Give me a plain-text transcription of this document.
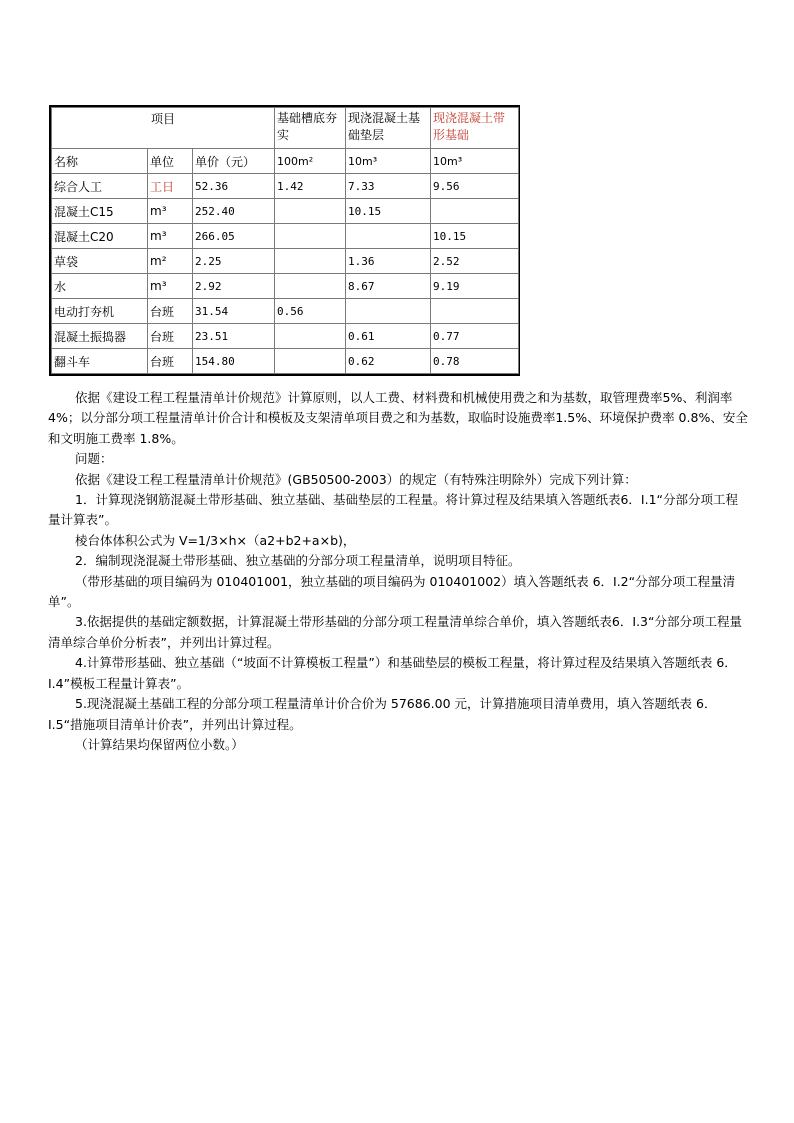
项目			基础槽底夯实	现浇混凝土基础垫层	现浇混凝土带形基础
名称	单位	单价（元）	100m²	10m³	10m³
综合人工	工日	52.36	1.42	7.33	9.56
混凝土C15	m³	252.40		10.15	
混凝土C20	m³	266.05			10.15
草袋	m²	2.25		1.36	2.52
水	m³	2.92		8.67	9.19
电动打夯机	台班	31.54	0.56		
混凝土振捣器	台班	23.51		0.61	0.77
翻斗车	台班	154.80		0.62	0.78

依据《建设工程工程量清单计价规范》计算原则，以人工费、材料费和机械使用费之和为基数，取管理费率5%、利润率 4%；以分部分项工程量清单计价合计和模板及支架清单项目费之和为基数，取临时设施费率1.5%、环境保护费率 0.8%、安全和文明施工费率 1.8%。

问题：

依据《建设工程工程量清单计价规范》(GB50500-2003）的规定（有特殊注明除外）完成下列计算：

1．计算现浇钢筋混凝土带形基础、独立基础、基础垫层的工程量。将计算过程及结果填入答题纸表6．Ⅰ.1“分部分项工程量计算表”。

棱台体体积公式为 V=1/3×h×（a2+b2+a×b)，

2．编制现浇混凝土带形基础、独立基础的分部分项工程量清单，说明项目特征。

（带形基础的项目编码为 010401001，独立基础的项目编码为 010401002）填入答题纸表 6．Ⅰ.2“分部分项工程量清单”。

3.依据提供的基础定额数据，计算混凝土带形基础的分部分项工程量清单综合单价，填入答题纸表6．Ⅰ.3“分部分项工程量清单综合单价分析表”，并列出计算过程。

4.计算带形基础、独立基础（“坡面不计算模板工程量”）和基础垫层的模板工程量，将计算过程及结果填入答题纸表 6．Ⅰ.4”模板工程量计算表”。

5.现浇混凝土基础工程的分部分项工程量清单计价合价为 57686.00 元，计算措施项目清单费用，填入答题纸表 6．Ⅰ.5“措施项目清单计价表”，并列出计算过程。

（计算结果均保留两位小数。）
